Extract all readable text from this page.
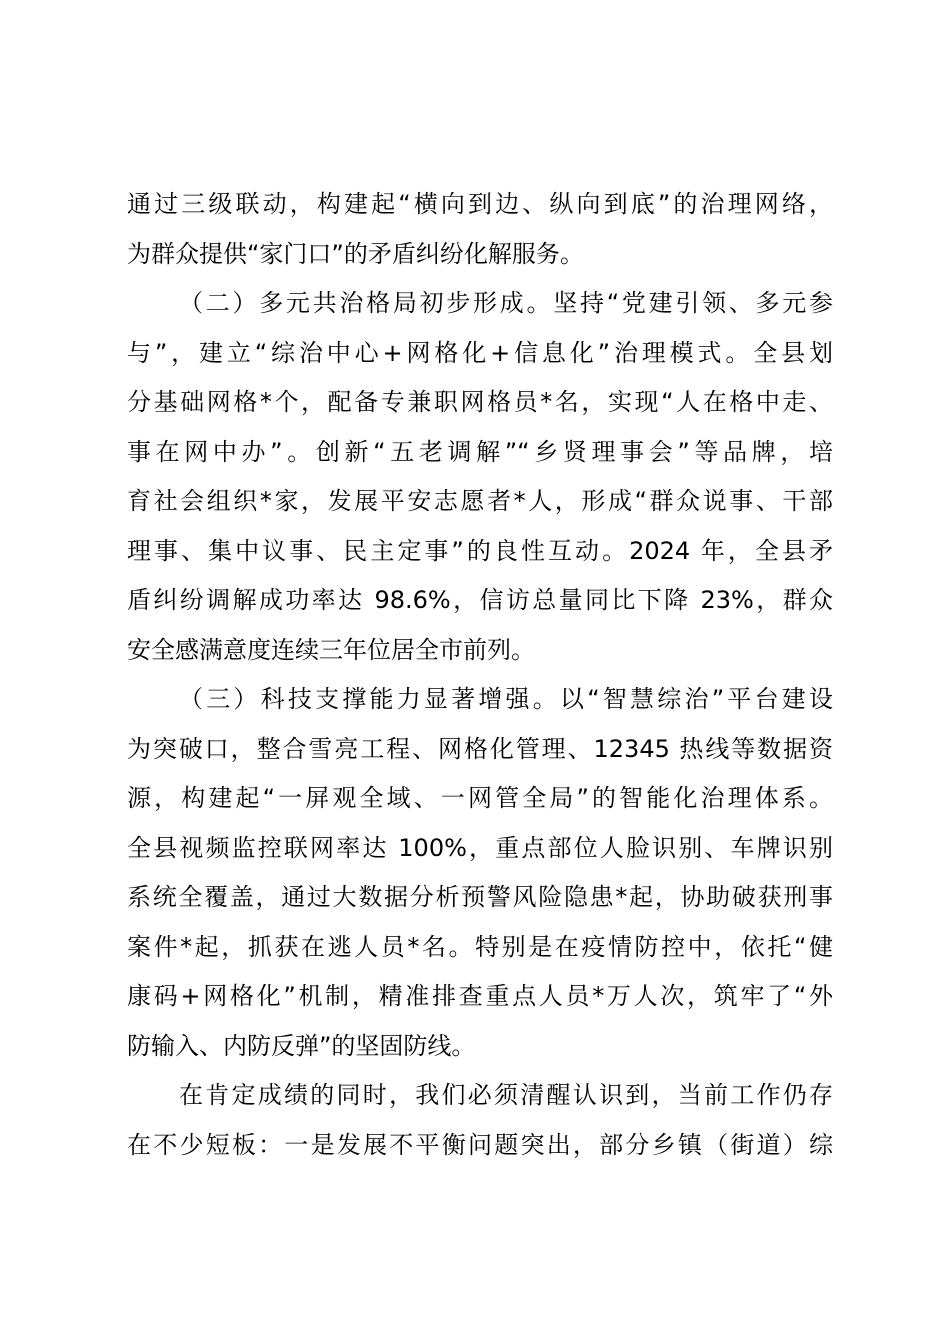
通过三级联动，构建起“横向到边、纵向到底”的治理网络，
为群众提供“家门口”的矛盾纠纷化解服务。
（二）多元共治格局初步形成。坚持“党建引领、多元参
与”，建立“综治中心+网格化+信息化”治理模式。全县划
分基础网格*个，配备专兼职网格员*名，实现“人在格中走、
事在网中办”。创新“五老调解”“乡贤理事会”等品牌，培
育社会组织*家，发展平安志愿者*人，形成“群众说事、干部
理事、集中议事、民主定事”的良性互动。2024 年，全县矛
盾纠纷调解成功率达 98.6%，信访总量同比下降 23%，群众
安全感满意度连续三年位居全市前列。
（三）科技支撑能力显著增强。以“智慧综治”平台建设
为突破口，整合雪亮工程、网格化管理、12345 热线等数据资
源，构建起“一屏观全域、一网管全局”的智能化治理体系。
全县视频监控联网率达 100%，重点部位人脸识别、车牌识别
系统全覆盖，通过大数据分析预警风险隐患*起，协助破获刑事
案件*起，抓获在逃人员*名。特别是在疫情防控中，依托“健
康码+网格化”机制，精准排查重点人员*万人次，筑牢了“外
防输入、内防反弹”的坚固防线。
在肯定成绩的同时，我们必须清醒认识到，当前工作仍存
在不少短板：一是发展不平衡问题突出，部分乡镇（街道）综
